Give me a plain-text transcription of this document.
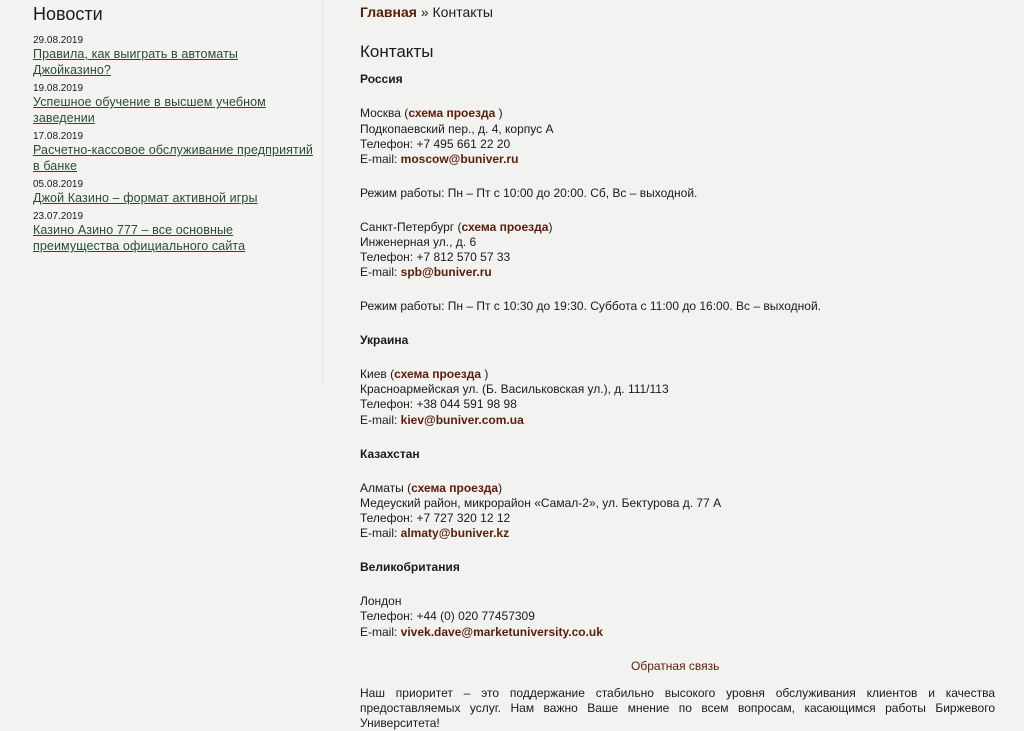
Новости
29.08.2019
Правила, как выиграть в автоматы Джойказино?
19.08.2019
Успешное обучение в высшем учебном заведении
17.08.2019
Расчетно-кассовое обслуживание предприятий в банке
05.08.2019
Джой Казино – формат активной игры
23.07.2019
Казино Азино 777 – все основные преимущества официального сайта
Главная » Контакты
Контакты
Россия
Москва (схема проезда )
Подкопаевский пер., д. 4, корпус А
Телефон: +7 495 661 22 20
E-mail: moscow@buniver.ru
Режим работы: Пн – Пт с 10:00 до 20:00. Сб, Вс – выходной.
Санкт-Петербург (схема проезда)
Инженерная ул., д. 6
Телефон: +7 812 570 57 33
E-mail: spb@buniver.ru
Режим работы: Пн – Пт с 10:30 до 19:30. Суббота с 11:00 до 16:00. Вс – выходной.
Украина
Киев (схема проезда )
Красноармейская ул. (Б. Васильковская ул.), д. 111/113
Телефон: +38 044 591 98 98
E-mail: kiev@buniver.com.ua
Казахстан
Алматы (схема проезда)
Медеуский район, микрорайон «Самал-2», ул. Бектурова д. 77 А
Телефон: +7 727 320 12 12
E-mail: almaty@buniver.kz
Великобритания
Лондон
Телефон: +44 (0) 020 77457309
E-mail: vivek.dave@marketuniversity.co.uk
Обратная связь
Наш приоритет – это поддержание стабильно высокого уровня обслуживания клиентов и качества предоставляемых услуг. Нам важно Ваше мнение по всем вопросам, касающимся работы Биржевого Университета!
